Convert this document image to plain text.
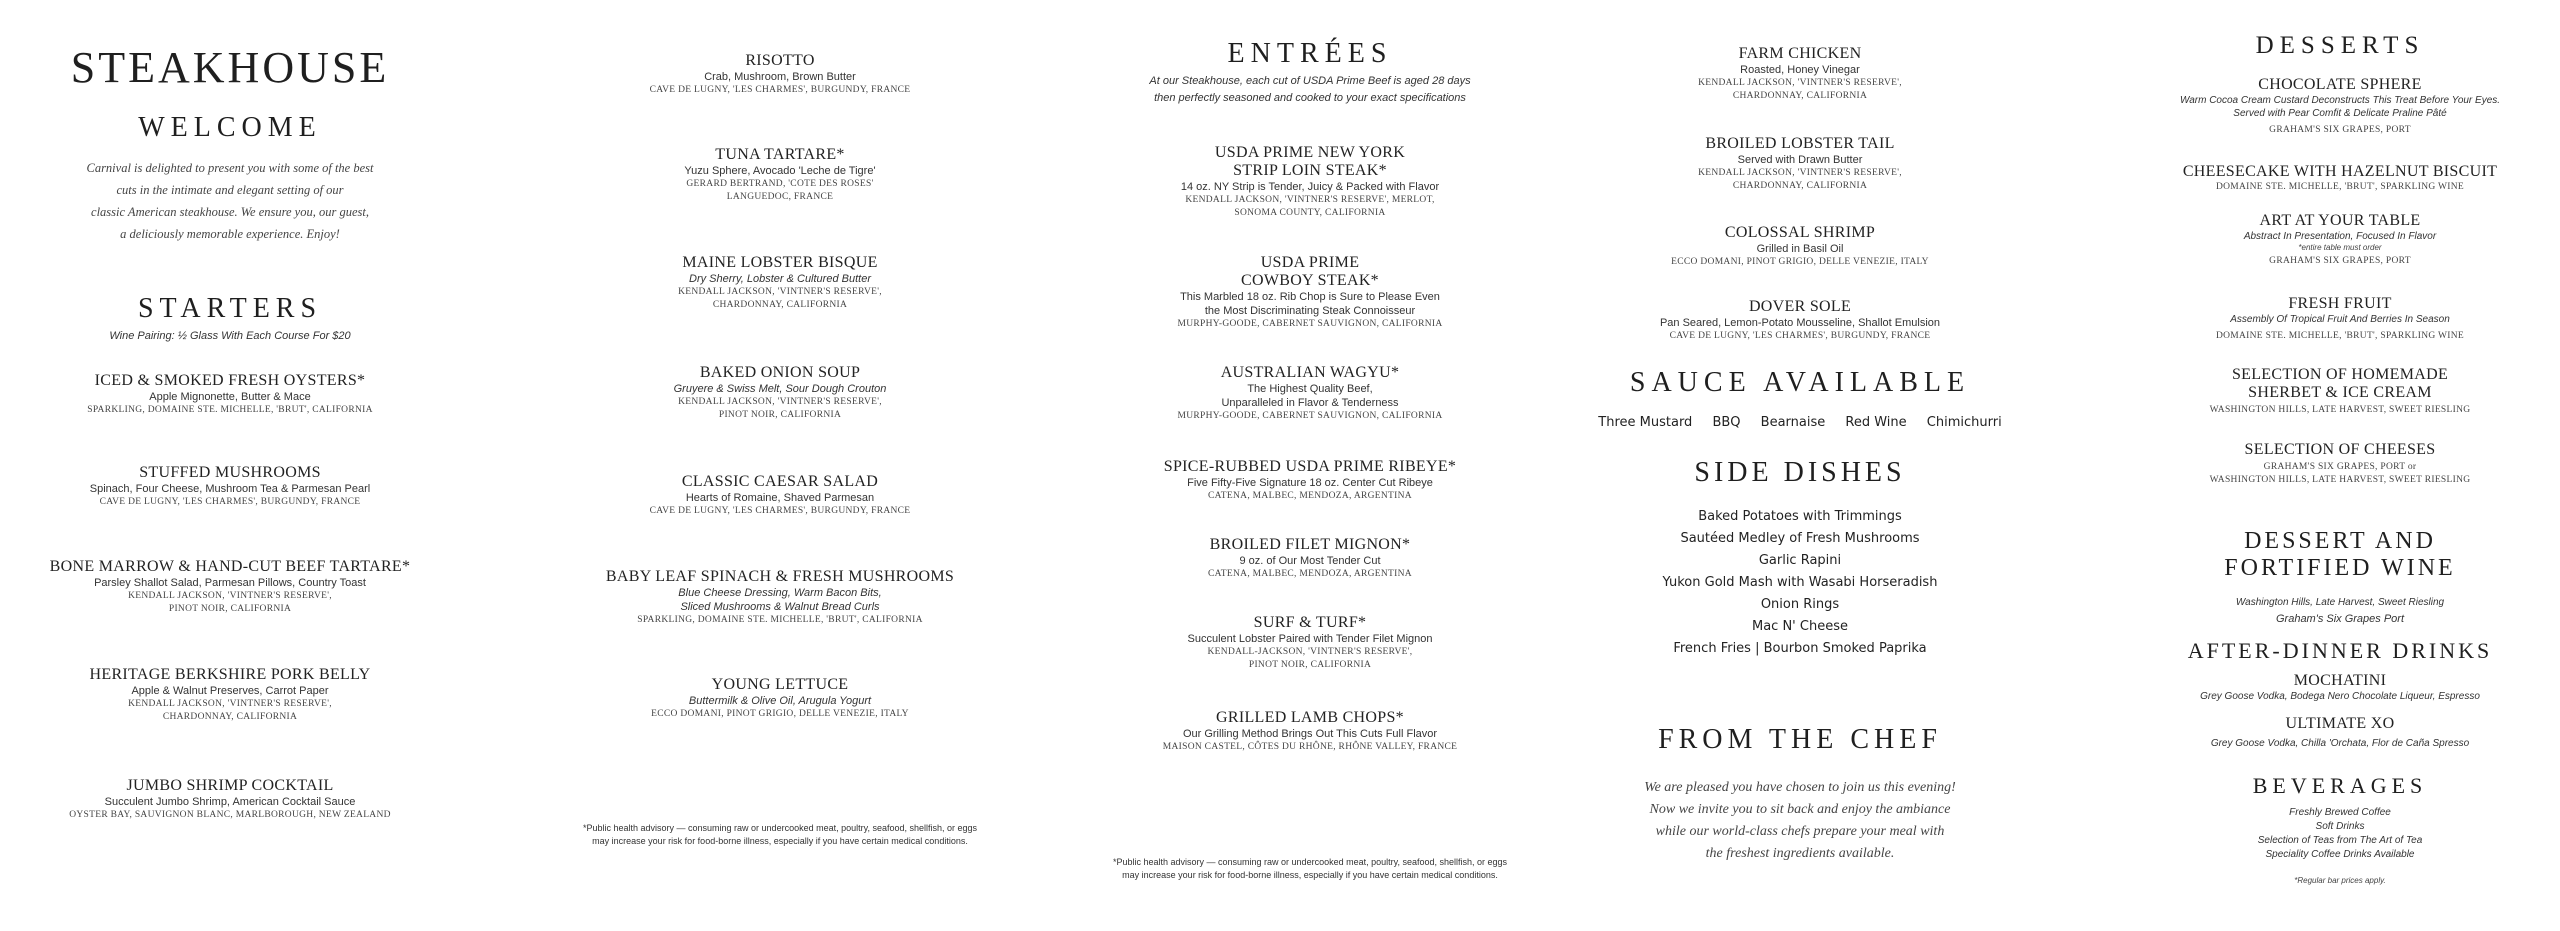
STEAKHOUSE
WELCOME
Carnival is delighted to present you with some of the best
cuts in the intimate and elegant setting of our
classic American steakhouse. We ensure you, our guest,
a deliciously memorable experience. Enjoy!
STARTERS
Wine Pairing: ½ Glass With Each Course For $20
ICED & SMOKED FRESH OYSTERS*
Apple Mignonette, Butter & Mace
SPARKLING, DOMAINE STE. MICHELLE, 'BRUT', CALIFORNIA
STUFFED MUSHROOMS
Spinach, Four Cheese, Mushroom Tea & Parmesan Pearl
CAVE DE LUGNY, 'LES CHARMES', BURGUNDY, FRANCE
BONE MARROW & HAND-CUT BEEF TARTARE*
Parsley Shallot Salad, Parmesan Pillows, Country Toast
KENDALL JACKSON, 'VINTNER'S RESERVE',
PINOT NOIR, CALIFORNIA
HERITAGE BERKSHIRE PORK BELLY
Apple & Walnut Preserves, Carrot Paper
KENDALL JACKSON, 'VINTNER'S RESERVE',
CHARDONNAY, CALIFORNIA
JUMBO SHRIMP COCKTAIL
Succulent Jumbo Shrimp, American Cocktail Sauce
OYSTER BAY, SAUVIGNON BLANC, MARLBOROUGH, NEW ZEALAND
RISOTTO
Crab, Mushroom, Brown Butter
CAVE DE LUGNY, 'LES CHARMES', BURGUNDY, FRANCE
TUNA TARTARE*
Yuzu Sphere, Avocado 'Leche de Tigre'
GERARD BERTRAND, 'COTE DES ROSES'
LANGUEDOC, FRANCE
MAINE LOBSTER BISQUE
Dry Sherry, Lobster & Cultured Butter
KENDALL JACKSON, 'VINTNER'S RESERVE',
CHARDONNAY, CALIFORNIA
BAKED ONION SOUP
Gruyere & Swiss Melt, Sour Dough Crouton
KENDALL JACKSON, 'VINTNER'S RESERVE',
PINOT NOIR, CALIFORNIA
CLASSIC CAESAR SALAD
Hearts of Romaine, Shaved Parmesan
CAVE DE LUGNY, 'LES CHARMES', BURGUNDY, FRANCE
BABY LEAF SPINACH & FRESH MUSHROOMS
Blue Cheese Dressing, Warm Bacon Bits,
Sliced Mushrooms & Walnut Bread Curls
SPARKLING, DOMAINE STE. MICHELLE, 'BRUT', CALIFORNIA
YOUNG LETTUCE
Buttermilk & Olive Oil, Arugula Yogurt
ECCO DOMANI, PINOT GRIGIO, DELLE VENEZIE, ITALY
*Public health advisory — consuming raw or undercooked meat, poultry, seafood, shellfish, or eggs
may increase your risk for food-borne illness, especially if you have certain medical conditions.
ENTRÉES
At our Steakhouse, each cut of USDA Prime Beef is aged 28 days
then perfectly seasoned and cooked to your exact specifications
USDA PRIME NEW YORK
STRIP LOIN STEAK*
14 oz. NY Strip is Tender, Juicy & Packed with Flavor
KENDALL JACKSON, 'VINTNER'S RESERVE', MERLOT,
SONOMA COUNTY, CALIFORNIA
USDA PRIME
COWBOY STEAK*
This Marbled 18 oz. Rib Chop is Sure to Please Even
the Most Discriminating Steak Connoisseur
MURPHY-GOODE, CABERNET SAUVIGNON, CALIFORNIA
AUSTRALIAN WAGYU*
The Highest Quality Beef,
Unparalleled in Flavor & Tenderness
MURPHY-GOODE, CABERNET SAUVIGNON, CALIFORNIA
SPICE-RUBBED USDA PRIME RIBEYE*
Five Fifty-Five Signature 18 oz. Center Cut Ribeye
CATENA, MALBEC, MENDOZA, ARGENTINA
BROILED FILET MIGNON*
9 oz. of Our Most Tender Cut
CATENA, MALBEC, MENDOZA, ARGENTINA
SURF & TURF*
Succulent Lobster Paired with Tender Filet Mignon
KENDALL-JACKSON, 'VINTNER'S RESERVE',
PINOT NOIR, CALIFORNIA
GRILLED LAMB CHOPS*
Our Grilling Method Brings Out This Cuts Full Flavor
MAISON CASTEL, CÔTES DU RHÔNE, RHÔNE VALLEY, FRANCE
*Public health advisory — consuming raw or undercooked meat, poultry, seafood, shellfish, or eggs
may increase your risk for food-borne illness, especially if you have certain medical conditions.
FARM CHICKEN
Roasted, Honey Vinegar
KENDALL JACKSON, 'VINTNER'S RESERVE',
CHARDONNAY, CALIFORNIA
BROILED LOBSTER TAIL
Served with Drawn Butter
KENDALL JACKSON, 'VINTNER'S RESERVE',
CHARDONNAY, CALIFORNIA
COLOSSAL SHRIMP
Grilled in Basil Oil
ECCO DOMANI, PINOT GRIGIO, DELLE VENEZIE, ITALY
DOVER SOLE
Pan Seared, Lemon-Potato Mousseline, Shallot Emulsion
CAVE DE LUGNY, 'LES CHARMES', BURGUNDY, FRANCE
SAUCE AVAILABLE
Three Mustard BBQ Bearnaise Red Wine Chimichurri
SIDE DISHES
Baked Potatoes with Trimmings
Sautéed Medley of Fresh Mushrooms
Garlic Rapini
Yukon Gold Mash with Wasabi Horseradish
Onion Rings
Mac N' Cheese
French Fries | Bourbon Smoked Paprika
FROM THE CHEF
We are pleased you have chosen to join us this evening!
Now we invite you to sit back and enjoy the ambiance
while our world-class chefs prepare your meal with
the freshest ingredients available.
DESSERTS
CHOCOLATE SPHERE
Warm Cocoa Cream Custard Deconstructs This Treat Before Your Eyes.
Served with Pear Comfit & Delicate Praline Pâté
GRAHAM'S SIX GRAPES, PORT
CHEESECAKE WITH HAZELNUT BISCUIT
DOMAINE STE. MICHELLE, 'BRUT', SPARKLING WINE
ART AT YOUR TABLE
Abstract In Presentation, Focused In Flavor
*entire table must order
GRAHAM'S SIX GRAPES, PORT
FRESH FRUIT
Assembly Of Tropical Fruit And Berries In Season
DOMAINE STE. MICHELLE, 'BRUT', SPARKLING WINE
SELECTION OF HOMEMADE
SHERBET & ICE CREAM
WASHINGTON HILLS, LATE HARVEST, SWEET RIESLING
SELECTION OF CHEESES
GRAHAM'S SIX GRAPES, PORT or
WASHINGTON HILLS, LATE HARVEST, SWEET RIESLING
DESSERT AND
FORTIFIED WINE
Washington Hills, Late Harvest, Sweet Riesling
Graham's Six Grapes Port
AFTER-DINNER DRINKS
MOCHATINI
Grey Goose Vodka, Bodega Nero Chocolate Liqueur, Espresso
ULTIMATE XO
Grey Goose Vodka, Chilla 'Orchata, Flor de Caña Spresso
BEVERAGES
Freshly Brewed Coffee
Soft Drinks
Selection of Teas from The Art of Tea
Speciality Coffee Drinks Available
*Regular bar prices apply.
